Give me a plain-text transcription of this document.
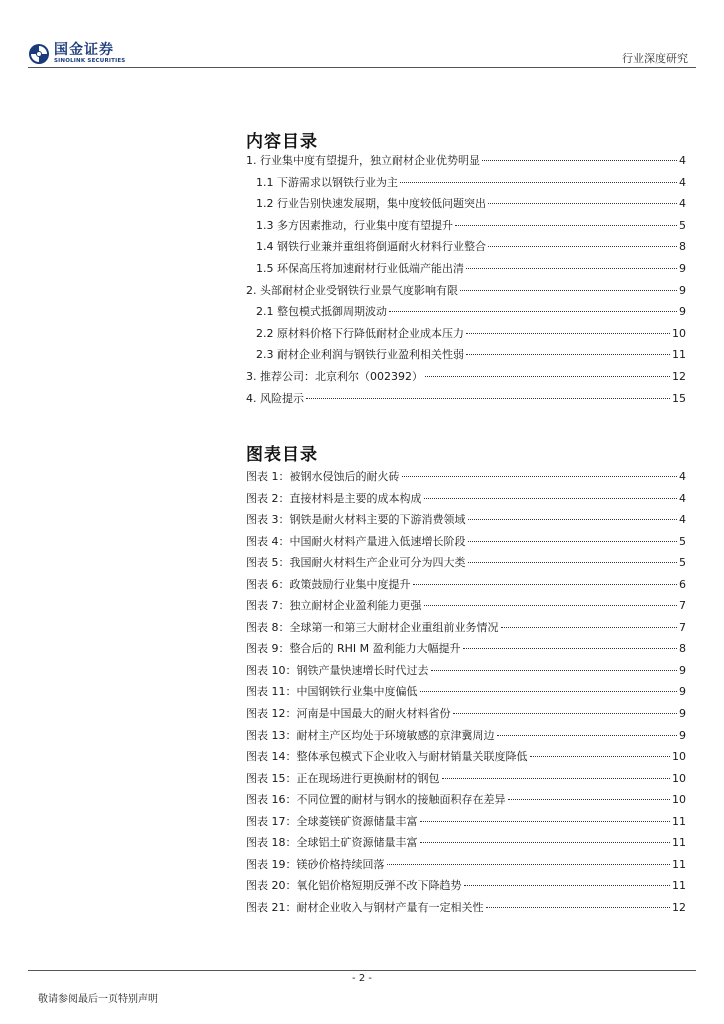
国金证券
SINOLINK SECURITIES	行业深度研究
内容目录
1. 行业集中度有望提升，独立耐材企业优势明显	4
1.1 下游需求以钢铁行业为主	4
1.2 行业告别快速发展期，集中度较低问题突出	4
1.3 多方因素推动，行业集中度有望提升	5
1.4 钢铁行业兼并重组将倒逼耐火材料行业整合	8
1.5 环保高压将加速耐材行业低端产能出清	9
2. 头部耐材企业受钢铁行业景气度影响有限	9
2.1 整包模式抵御周期波动	9
2.2 原材料价格下行降低耐材企业成本压力	10
2.3 耐材企业利润与钢铁行业盈利相关性弱	11
3. 推荐公司：北京利尔（002392）	12
4. 风险提示	15
图表目录
图表 1：被钢水侵蚀后的耐火砖	4
图表 2：直接材料是主要的成本构成	4
图表 3：钢铁是耐火材料主要的下游消费领域	4
图表 4：中国耐火材料产量进入低速增长阶段	5
图表 5：我国耐火材料生产企业可分为四大类	5
图表 6：政策鼓励行业集中度提升	6
图表 7：独立耐材企业盈利能力更强	7
图表 8：全球第一和第三大耐材企业重组前业务情况	7
图表 9：整合后的 RHI M 盈利能力大幅提升	8
图表 10：钢铁产量快速增长时代过去	9
图表 11：中国钢铁行业集中度偏低	9
图表 12：河南是中国最大的耐火材料省份	9
图表 13：耐材主产区均处于环境敏感的京津冀周边	9
图表 14：整体承包模式下企业收入与耐材销量关联度降低	10
图表 15：正在现场进行更换耐材的钢包	10
图表 16：不同位置的耐材与钢水的接触面积存在差异	10
图表 17：全球菱镁矿资源储量丰富	11
图表 18：全球铝土矿资源储量丰富	11
图表 19：镁砂价格持续回落	11
图表 20：氧化铝价格短期反弹不改下降趋势	11
图表 21：耐材企业收入与钢材产量有一定相关性	12
- 2 -
敬请参阅最后一页特别声明
